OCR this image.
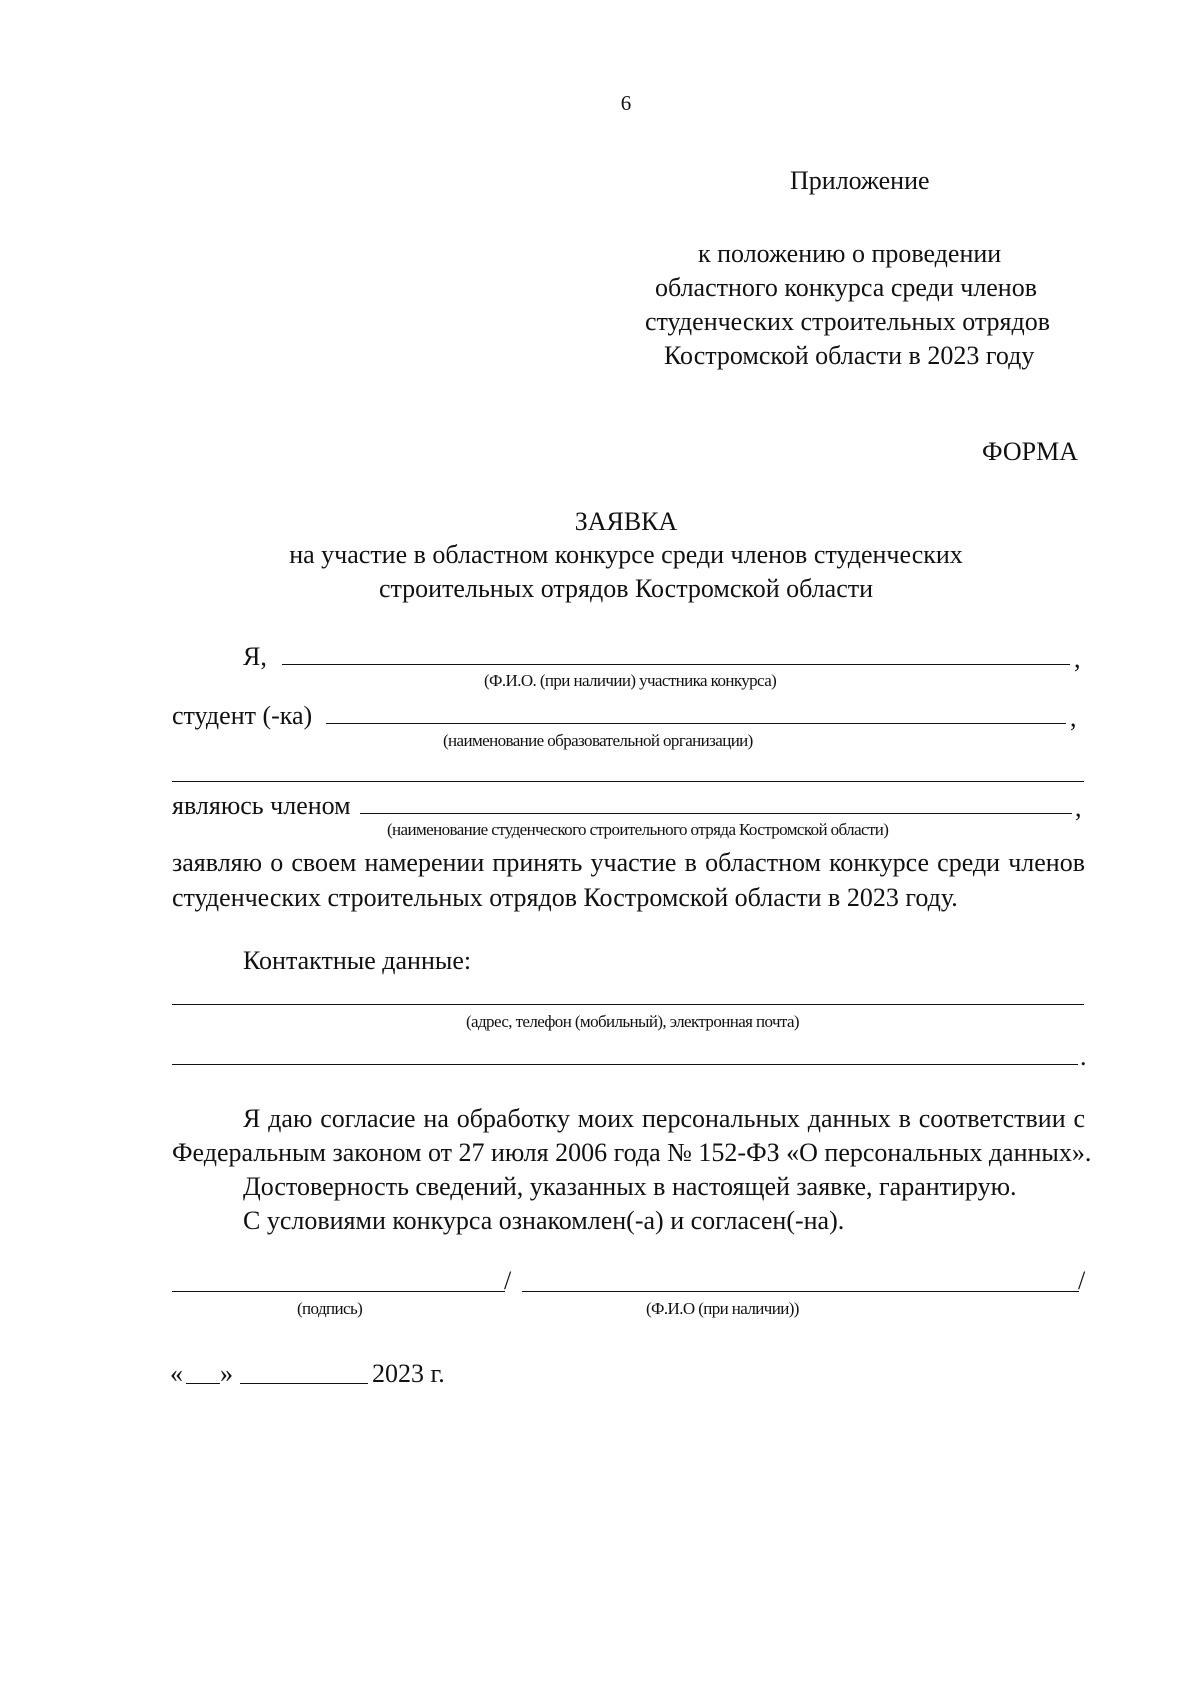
6
Приложение
к положению о проведении
областного конкурса среди членов
студенческих строительных отрядов
Костромской области в 2023 году
ФОРМА
ЗАЯВКА
на участие в областном конкурсе среди членов студенческих
строительных отрядов Костромской области
Я,	,
(Ф.И.О. (при наличии) участника конкурса)
студент (-ка)	,
(наименование образовательной организации)
являюсь членом	,
(наименование студенческого строительного отряда Костромской области)
заявляю о своем намерении принять участие в областном конкурсе среди членов
студенческих строительных отрядов Костромской области в 2023 году.
Контактные данные:
(адрес, телефон (мобильный), электронная почта)
.
Я дaю согласие на обработку моих персональных данных в соответствии с
Федеральным законом от 27 июля 2006 года № 152-ФЗ «О персональных данных».
Достоверность сведений, указанных в настоящей заявке, гарантирую.
С условиями конкурса ознакомлен(-а) и согласен(-на).
/	/
(подпись)	(Ф.И.О (при наличии))
« »	2023 г.
